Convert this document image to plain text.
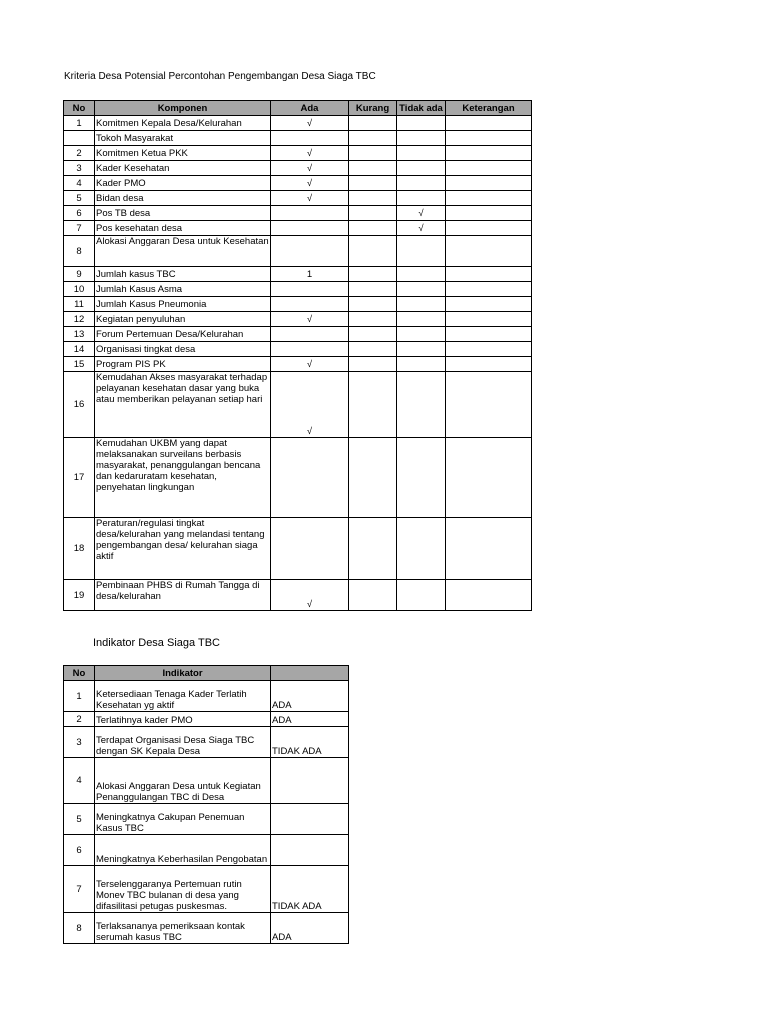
Kriteria Desa Potensial Percontohan Pengembangan Desa Siaga TBC
No	Komponen	Ada	Kurang	Tidak ada	Keterangan
1	Komitmen Kepala Desa/Kelurahan	√			
	Tokoh Masyarakat				
2	Komitmen Ketua PKK	√			
3	Kader Kesehatan	√			
4	Kader PMO	√			
5	Bidan desa	√			
6	Pos TB desa			√	
7	Pos kesehatan desa			√	
8	Alokasi Anggaran Desa untuk Kesehatan				
9	Jumlah kasus TBC	1			
10	Jumlah Kasus Asma				
11	Jumlah Kasus Pneumonia				
12	Kegiatan penyuluhan	√			
13	Forum Pertemuan Desa/Kelurahan				
14	Organisasi tingkat desa				
15	Program PIS PK	√			
16	Kemudahan Akses masyarakat terhadap pelayanan kesehatan dasar yang buka atau memberikan pelayanan setiap hari	√			
17	Kemudahan UKBM yang dapat melaksanakan surveilans berbasis masyarakat, penanggulangan bencana dan kedaruratam kesehatan, penyehatan lingkungan				
18	Peraturan/regulasi tingkat desa/kelurahan yang melandasi tentang pengembangan desa/ kelurahan siaga aktif				
19	Pembinaan PHBS di Rumah Tangga di desa/kelurahan	√			
Indikator Desa Siaga TBC
No	Indikator	
1	Ketersediaan Tenaga Kader Terlatih Kesehatan yg aktif	ADA
2	Terlatihnya kader PMO	ADA
3	Terdapat Organisasi Desa Siaga TBC dengan SK Kepala Desa	TIDAK ADA
4	Alokasi Anggaran Desa untuk Kegiatan Penanggulangan TBC di Desa	
5	Meningkatnya Cakupan Penemuan Kasus TBC	
6	Meningkatnya Keberhasilan Pengobatan	
7	Terselenggaranya Pertemuan rutin Monev TBC bulanan di desa yang difasilitasi petugas puskesmas.	TIDAK ADA
8	Terlaksananya pemeriksaan kontak serumah kasus TBC	ADA
